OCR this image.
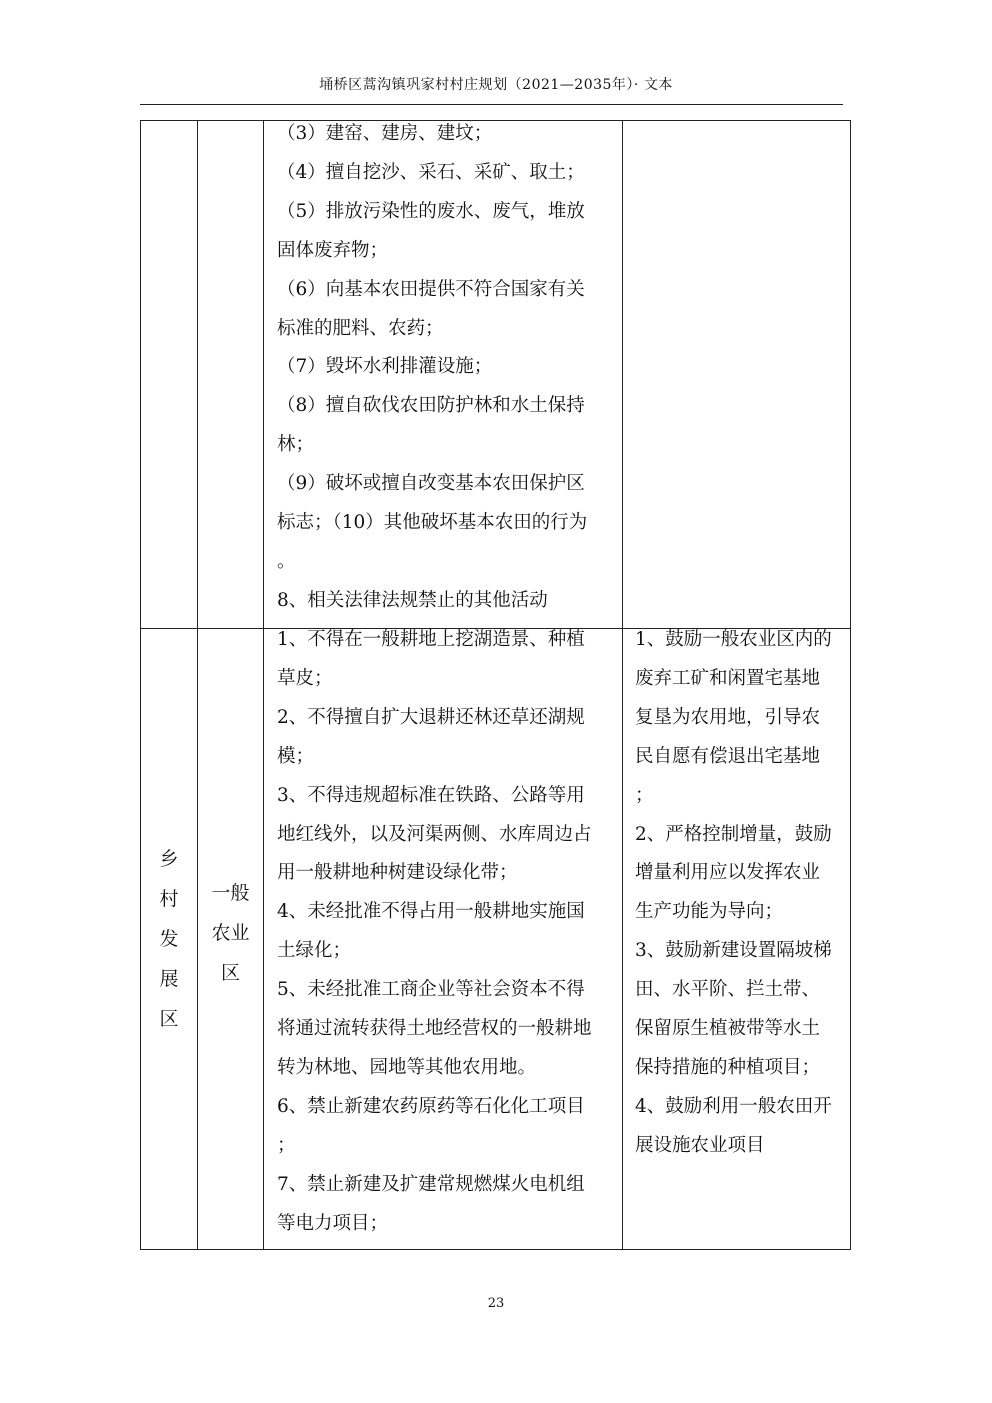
埇桥区蒿沟镇巩家村村庄规划（2021—2035年）· 文本

（3）建窑、建房、建坟；

（4）擅自挖沙、采石、采矿、取土；

（5）排放污染性的废水、废气，堆放

固体废弃物；

（6）向基本农田提供不符合国家有关

标准的肥料、农药；

（7）毁坏水利排灌设施；

（8）擅自砍伐农田防护林和水土保持

林；

（9）破坏或擅自改变基本农田保护区

标志；（10）其他破坏基本农田的行为

。

8、相关法律法规禁止的其他活动

乡
村
发
展
区
一般
农业
区

1、不得在一般耕地上挖湖造景、种植

草皮；

2、不得擅自扩大退耕还林还草还湖规

模；

3、不得违规超标准在铁路、公路等用

地红线外，以及河渠两侧、水库周边占

用一般耕地种树建设绿化带；

4、未经批准不得占用一般耕地实施国

土绿化；

5、未经批准工商企业等社会资本不得

将通过流转获得土地经营权的一般耕地

转为林地、园地等其他农用地。

6、禁止新建农药原药等石化化工项目

；

7、禁止新建及扩建常规燃煤火电机组

等电力项目；

1、鼓励一般农业区内的

废弃工矿和闲置宅基地

复垦为农用地，引导农

民自愿有偿退出宅基地

；

2、严格控制增量，鼓励

增量利用应以发挥农业

生产功能为导向；

3、鼓励新建设置隔坡梯

田、水平阶、拦土带、

保留原生植被带等水土

保持措施的种植项目；

4、鼓励利用一般农田开

展设施农业项目

23
